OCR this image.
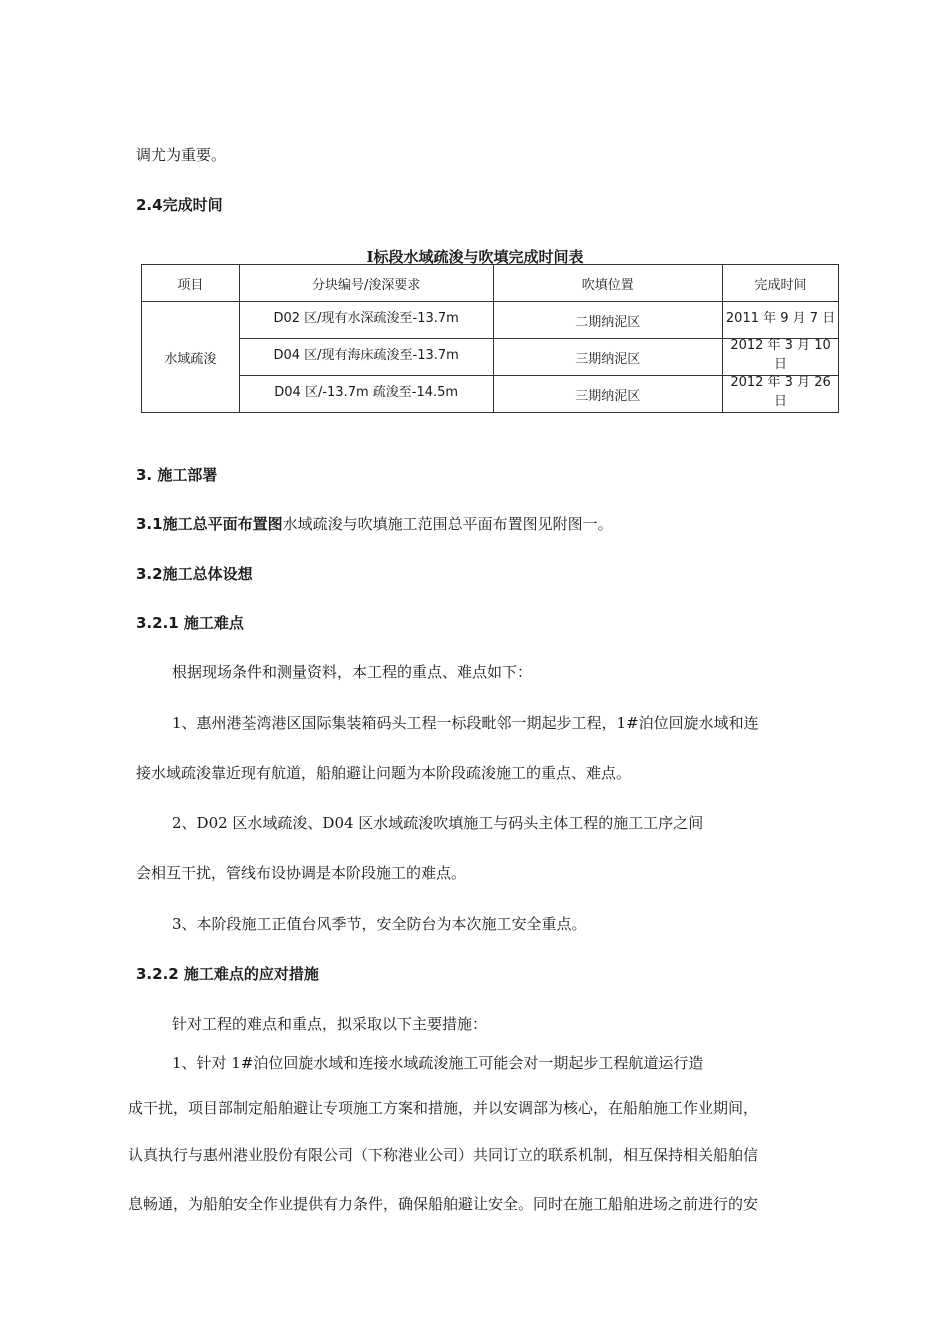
调尤为重要。
2.4完成时间
I标段水域疏浚与吹填完成时间表
项目	分块编号/浚深要求	吹填位置	完成时间
水域疏浚	D02 区/现有水深疏浚至-13.7m	二期纳泥区	2011 年 9 月 7 日

	D04 区/现有海床疏浚至-13.7m	三期纳泥区	2012 年 3 月 10 日

	D04 区/-13.7m 疏浚至-14.5m	三期纳泥区	2012 年 3 月 26 日
3. 施工部署
3.1施工总平面布置图水域疏浚与吹填施工范围总平面布置图见附图一。
3.2施工总体设想
3.2.1 施工难点
根据现场条件和测量资料，本工程的重点、难点如下：
1、惠州港荃湾港区国际集装箱码头工程一标段毗邻一期起步工程，1#泊位回旋水域和连
接水域疏浚靠近现有航道，船舶避让问题为本阶段疏浚施工的重点、难点。
2、D02 区水域疏浚、D04 区水域疏浚吹填施工与码头主体工程的施工工序之间
会相互干扰，管线布设协调是本阶段施工的难点。
3、本阶段施工正值台风季节，安全防台为本次施工安全重点。
3.2.2 施工难点的应对措施
针对工程的难点和重点，拟采取以下主要措施：
1、针对 1#泊位回旋水域和连接水域疏浚施工可能会对一期起步工程航道运行造
成干扰，项目部制定船舶避让专项施工方案和措施，并以安调部为核心，在船舶施工作业期间，
认真执行与惠州港业股份有限公司（下称港业公司）共同订立的联系机制，相互保持相关船舶信
息畅通，为船舶安全作业提供有力条件，确保船舶避让安全。同时在施工船舶进场之前进行的安
